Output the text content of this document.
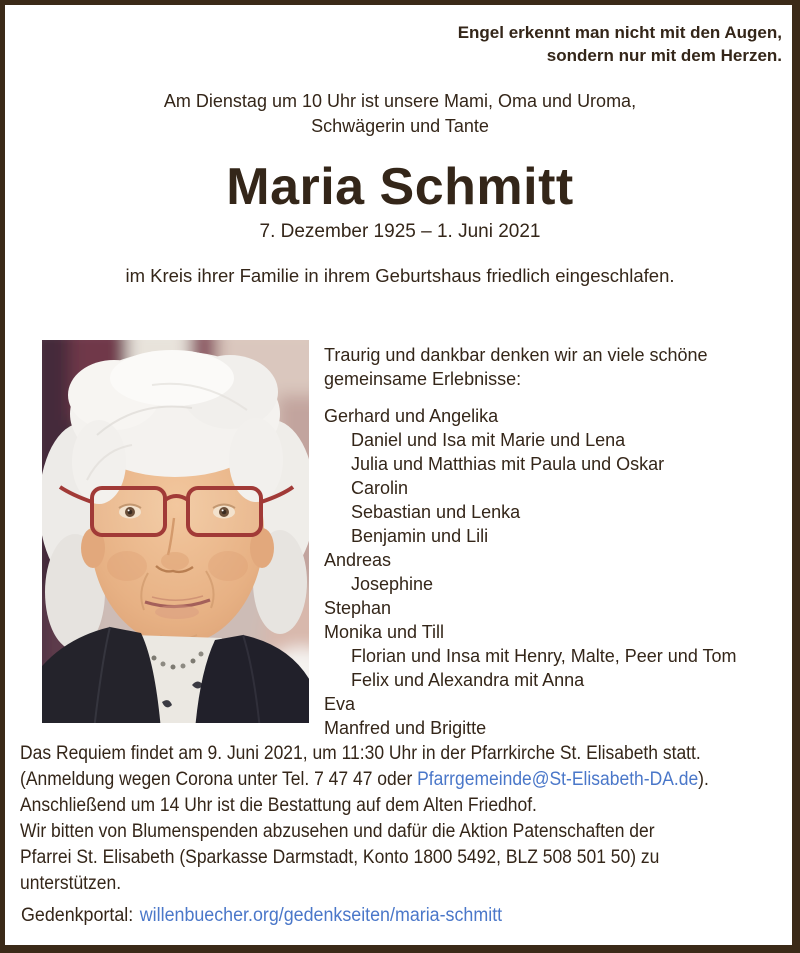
Engel erkennt man nicht mit den Augen,
sondern nur mit dem Herzen.
Am Dienstag um 10 Uhr ist unsere Mami, Oma und Uroma,
Schwägerin und Tante
Maria Schmitt
7. Dezember 1925 – 1. Juni 2021
im Kreis ihrer Familie in ihrem Geburtshaus friedlich eingeschlafen.
Traurig und dankbar denken wir an viele schöne
gemeinsame Erlebnisse:
Gerhard und Angelika
Daniel und Isa mit Marie und Lena
Julia und Matthias mit Paula und Oskar
Carolin
Sebastian und Lenka
Benjamin und Lili
Andreas
Josephine
Stephan
Monika und Till
Florian und Insa mit Henry, Malte, Peer und Tom
Felix und Alexandra mit Anna
Eva
Manfred und Brigitte
Das Requiem findet am 9. Juni 2021, um 11:30 Uhr in der Pfarrkirche St. Elisabeth statt.
(Anmeldung wegen Corona unter Tel. 7 47 47 oder Pfarrgemeinde@St-Elisabeth-DA.de).
Anschließend um 14 Uhr ist die Bestattung auf dem Alten Friedhof.
Wir bitten von Blumenspenden abzusehen und dafür die Aktion Patenschaften der
Pfarrei St. Elisabeth (Sparkasse Darmstadt, Konto 1800 5492, BLZ 508 501 50) zu
unterstützen.
Gedenkportal: willenbuecher.org/gedenkseiten/maria-schmitt
